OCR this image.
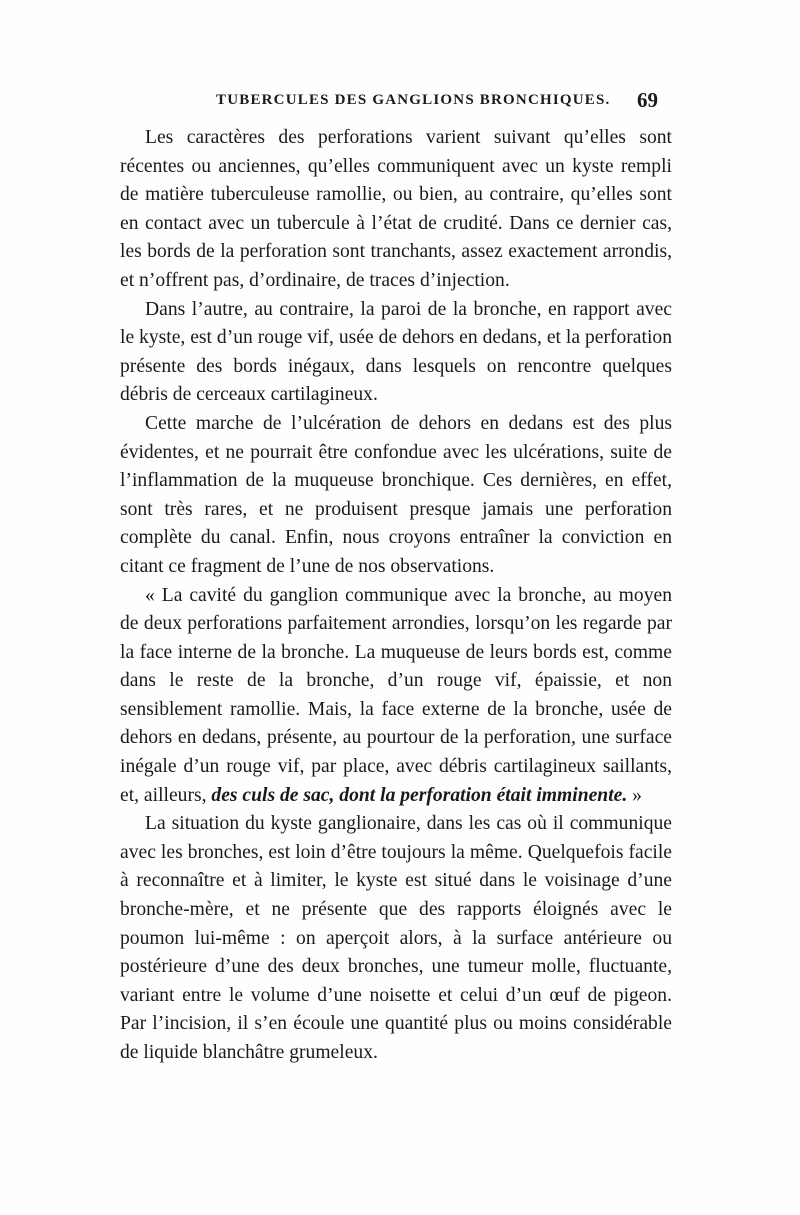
TUBERCULES DES GANGLIONS BRONCHIQUES. 69

Les caractères des perforations varient suivant qu’elles sont récentes ou anciennes, qu’elles communiquent avec un kyste rempli de matière tuberculeuse ramollie, ou bien, au contraire, qu’elles sont en contact avec un tubercule à l’état de crudité. Dans ce dernier cas, les bords de la perforation sont tranchants, assez exactement arrondis, et n’offrent pas, d’ordinaire, de traces d’injection.

Dans l’autre, au contraire, la paroi de la bronche, en rapport avec le kyste, est d’un rouge vif, usée de dehors en dedans, et la perforation présente des bords inégaux, dans lesquels on rencontre quelques débris de cerceaux cartilagineux.

Cette marche de l’ulcération de dehors en dedans est des plus évidentes, et ne pourrait être confondue avec les ulcérations, suite de l’inflammation de la muqueuse bronchique. Ces dernières, en effet, sont très rares, et ne produisent presque jamais une perforation complète du canal. Enfin, nous croyons entraîner la conviction en citant ce fragment de l’une de nos observations.

« La cavité du ganglion communique avec la bronche, au moyen de deux perforations parfaitement arrondies, lorsqu’on les regarde par la face interne de la bronche. La muqueuse de leurs bords est, comme dans le reste de la bronche, d’un rouge vif, épaissie, et non sensiblement ramollie. Mais, la face externe de la bronche, usée de dehors en dedans, présente, au pourtour de la perforation, une surface inégale d’un rouge vif, par place, avec débris cartilagineux saillants, et, ailleurs, des culs de sac, dont la perforation était imminente. »

La situation du kyste ganglionaire, dans les cas où il communique avec les bronches, est loin d’être toujours la même. Quelquefois facile à reconnaître et à limiter, le kyste est situé dans le voisinage d’une bronche-mère, et ne présente que des rapports éloignés avec le poumon lui-même : on aperçoit alors, à la surface antérieure ou postérieure d’une des deux bronches, une tumeur molle, fluctuante, variant entre le volume d’une noisette et celui d’un œuf de pigeon. Par l’incision, il s’en écoule une quantité plus ou moins considérable de liquide blanchâtre grumeleux.
